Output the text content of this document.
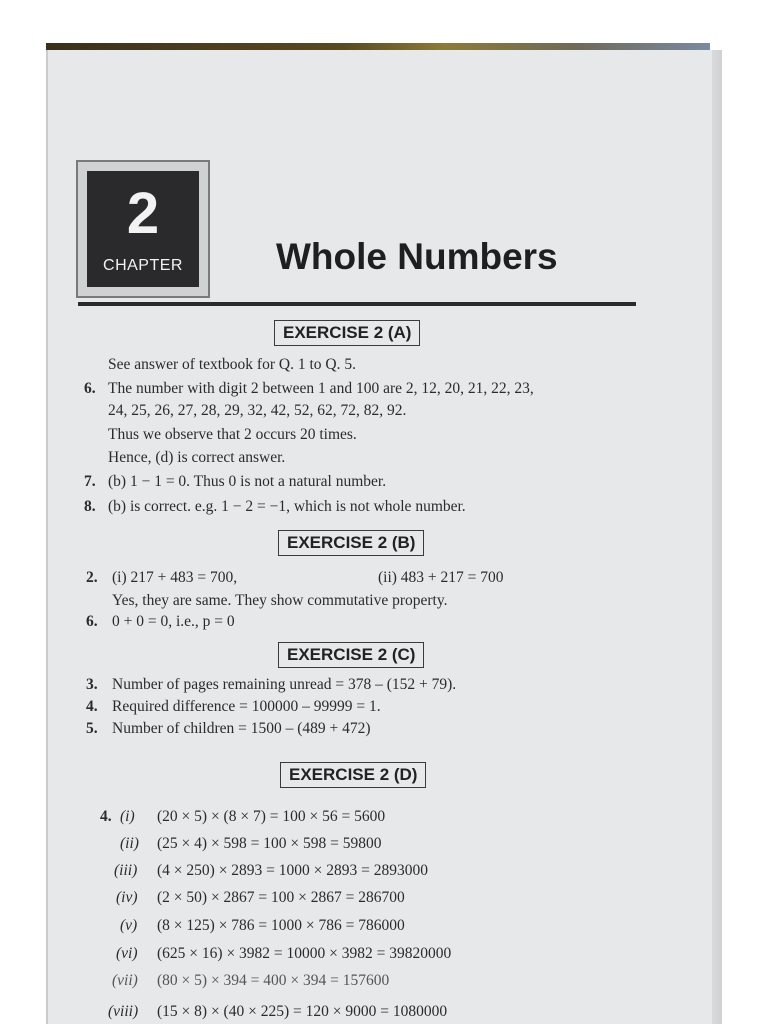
2
CHAPTER	Whole Numbers
EXERCISE 2 (A)
See answer of textbook for Q. 1 to Q. 5.
6. The number with digit 2 between 1 and 100 are 2, 12, 20, 21, 22, 23,
24, 25, 26, 27, 28, 29, 32, 42, 52, 62, 72, 82, 92.
Thus we observe that 2 occurs 20 times.
Hence, (d) is correct answer.
7. (b) 1 − 1 = 0. Thus 0 is not a natural number.
8. (b) is correct. e.g. 1 − 2 = −1, which is not whole number.
EXERCISE 2 (B)
2. (i) 217 + 483 = 700,	(ii) 483 + 217 = 700
Yes, they are same. They show commutative property.
6. 0 + 0 = 0, i.e., p = 0
EXERCISE 2 (C)
3. Number of pages remaining unread = 378 – (152 + 79).
4. Required difference = 100000 – 99999 = 1.
5. Number of children = 1500 – (489 + 472)
EXERCISE 2 (D)
4. (i) (20 × 5) × (8 × 7) = 100 × 56 = 5600
(ii) (25 × 4) × 598 = 100 × 598 = 59800
(iii) (4 × 250) × 2893 = 1000 × 2893 = 2893000
(iv) (2 × 50) × 2867 = 100 × 2867 = 286700
(v) (8 × 125) × 786 = 1000 × 786 = 786000
(vi) (625 × 16) × 3982 = 10000 × 3982 = 39820000
(vii) (80 × 5) × 394 = 400 × 394 = 157600
(viii) (15 × 8) × (40 × 225) = 120 × 9000 = 1080000
